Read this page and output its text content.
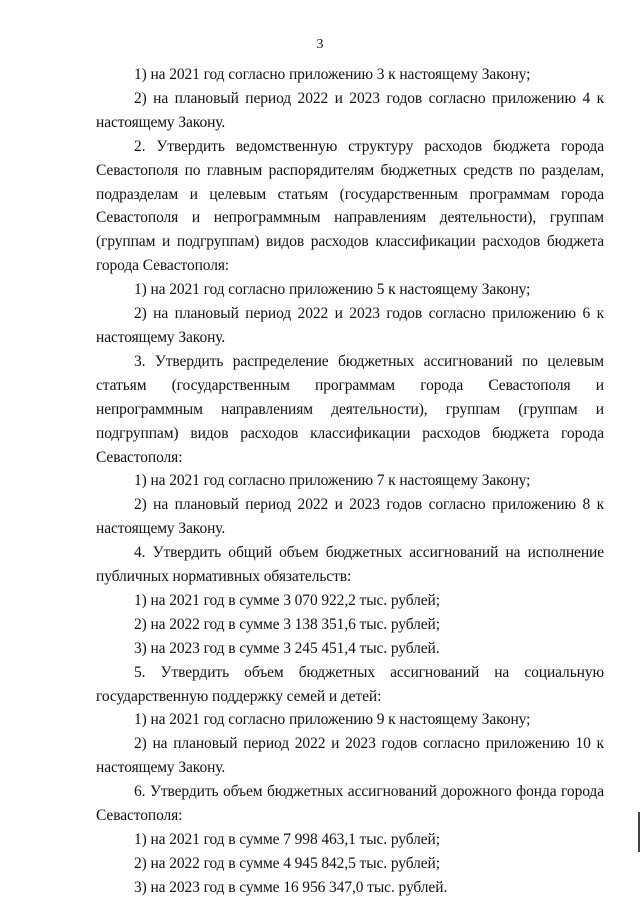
3

1) на 2021 год согласно приложению 3 к настоящему Закону;

2) на плановый период 2022 и 2023 годов согласно приложению 4 к настоящему Закону.

2. Утвердить ведомственную структуру расходов бюджета города Севастополя по главным распорядителям бюджетных средств по разделам, подразделам и целевым статьям (государственным программам города Севастополя и непрограммным направлениям деятельности), группам (группам и подгруппам) видов расходов классификации расходов бюджета города Севастополя:

1) на 2021 год согласно приложению 5 к настоящему Закону;

2) на плановый период 2022 и 2023 годов согласно приложению 6 к настоящему Закону.

3. Утвердить распределение бюджетных ассигнований по целевым статьям (государственным программам города Севастополя и непрограммным направлениям деятельности), группам (группам и подгруппам) видов расходов классификации расходов бюджета города Севастополя:

1) на 2021 год согласно приложению 7 к настоящему Закону;

2) на плановый период 2022 и 2023 годов согласно приложению 8 к настоящему Закону.

4. Утвердить общий объем бюджетных ассигнований на исполнение публичных нормативных обязательств:

1) на 2021 год в сумме 3 070 922,2 тыс. рублей;

2) на 2022 год в сумме 3 138 351,6 тыс. рублей;

3) на 2023 год в сумме 3 245 451,4 тыс. рублей.

5. Утвердить объем бюджетных ассигнований на социальную государственную поддержку семей и детей:

1) на 2021 год согласно приложению 9 к настоящему Закону;

2) на плановый период 2022 и 2023 годов согласно приложению 10 к настоящему Закону.

6. Утвердить объем бюджетных ассигнований дорожного фонда города Севастополя:

1) на 2021 год в сумме 7 998 463,1 тыс. рублей;

2) на 2022 год в сумме 4 945 842,5 тыс. рублей;

3) на 2023 год в сумме 16 956 347,0 тыс. рублей.
